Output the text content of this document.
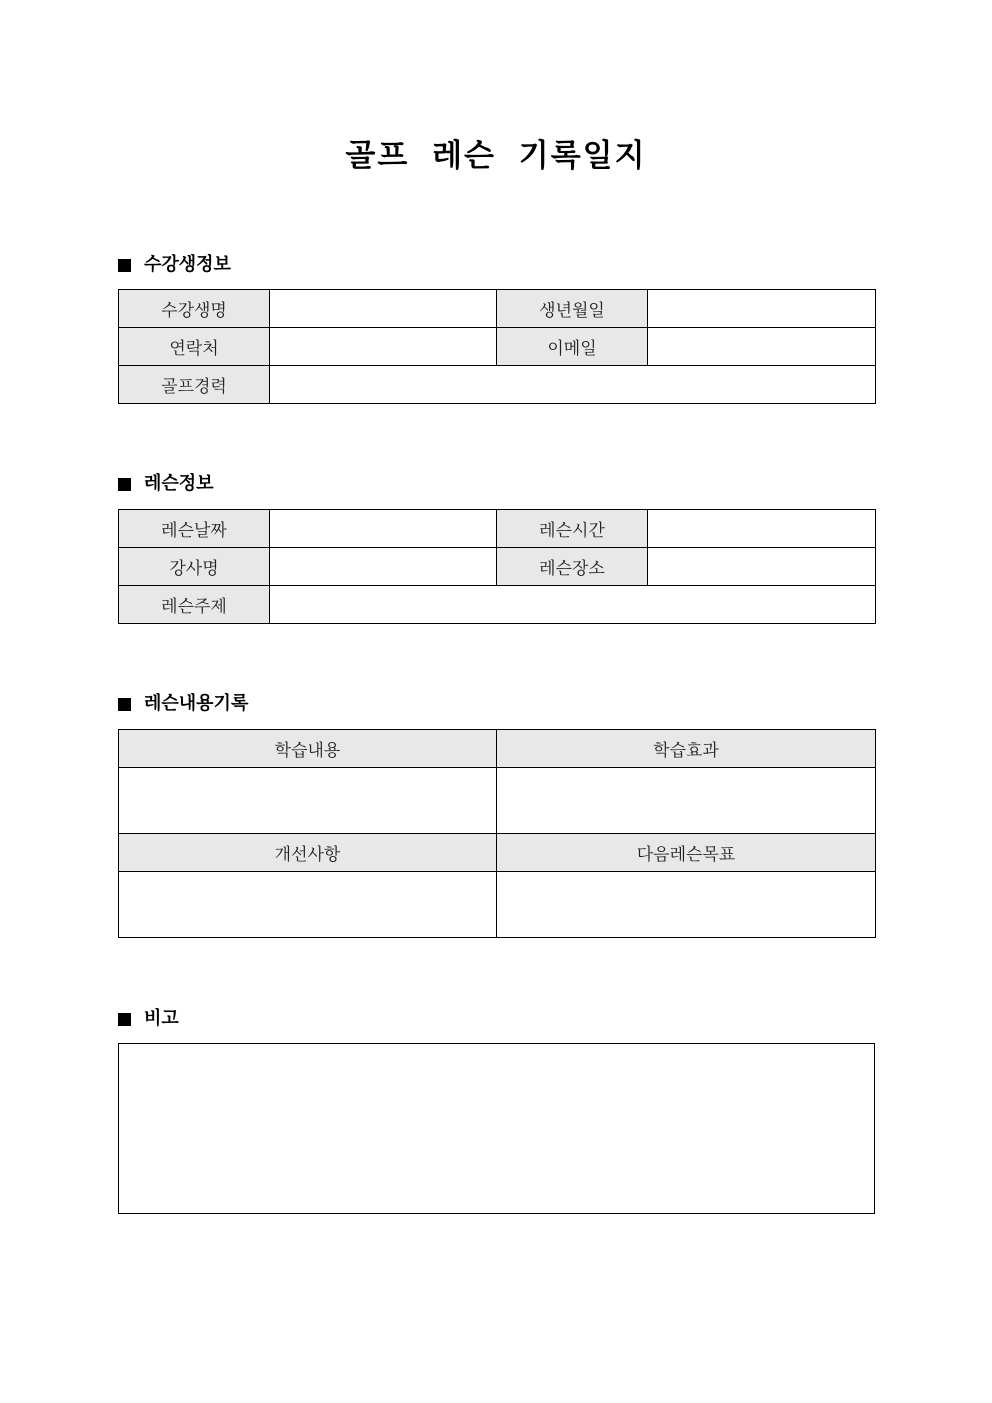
골프 레슨 기록일지
수강생정보
수강생명		생년월일	
연락처		이메일	
골프경력			
레슨정보
레슨날짜		레슨시간	
강사명		레슨장소	
레슨주제			
레슨내용기록
학습내용	학습효과

개선사항	다음레슨목표

비고
